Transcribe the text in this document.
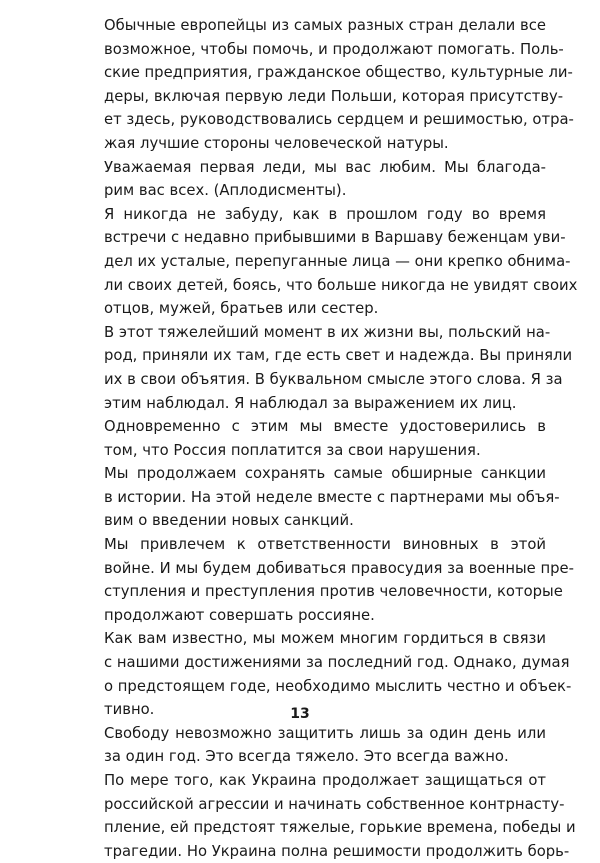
Обычные европейцы из самых разных стран делали все
возможное, чтобы помочь, и продолжают помогать. Поль-
ские предприятия, гражданское общество, культурные ли-
деры, включая первую леди Польши, которая присутству-
ет здесь, руководствовались сердцем и решимостью, отра-
жая лучшие стороны человеческой натуры.
Уважаемая первая леди, мы вас любим. Мы благода-
рим вас всех. (Аплодисменты).
Я никогда не забуду, как в прошлом году во время
встречи с недавно прибывшими в Варшаву беженцам уви-
дел их усталые, перепуганные лица — они крепко обнима-
ли своих детей, боясь, что больше никогда не увидят своих
отцов, мужей, братьев или сестер.
В этот тяжелейший момент в их жизни вы, польский на-
род, приняли их там, где есть свет и надежда. Вы приняли
их в свои объятия. В буквальном смысле этого слова. Я за
этим наблюдал. Я наблюдал за выражением их лиц.
Одновременно с этим мы вместе удостоверились в
том, что Россия поплатится за свои нарушения.
Мы продолжаем сохранять самые обширные санкции
в истории. На этой неделе вместе с партнерами мы объя-
вим о введении новых санкций.
Мы привлечем к ответственности виновных в этой
войне. И мы будем добиваться правосудия за военные пре-
ступления и преступления против человечности, которые
продолжают совершать россияне.
Как вам известно, мы можем многим гордиться в связи
с нашими достижениями за последний год. Однако, думая
о предстоящем годе, необходимо мыслить честно и объек-
тивно.
Свободу невозможно защитить лишь за один день или
за один год. Это всегда тяжело. Это всегда важно.
По мере того, как Украина продолжает защищаться от
российской агрессии и начинать собственное контрнасту-
пление, ей предстоят тяжелые, горькие времена, победы и
трагедии. Но Украина полна решимости продолжить борь-
13
